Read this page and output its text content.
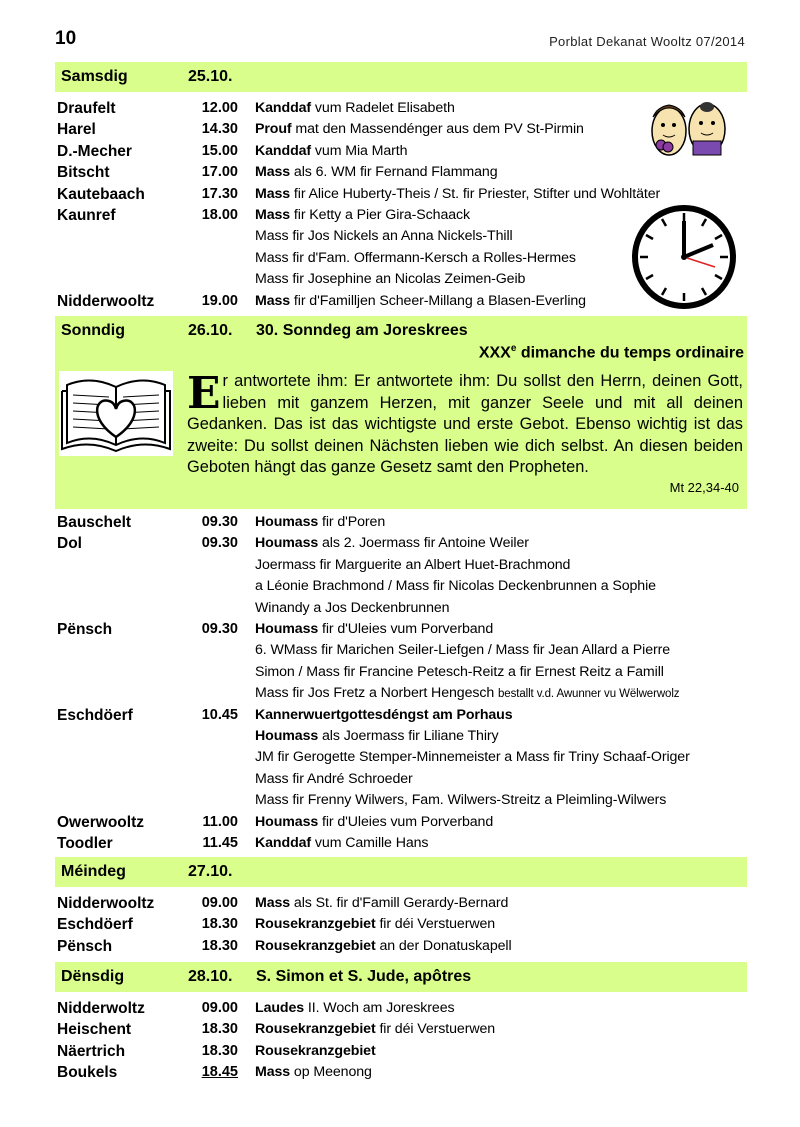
10	Porblat Dekanat Wooltz 07/2014
Samsdig	25.10.
Draufelt	12.00 Kanddaf vum Radelet Elisabeth
Harel	14.30 Prouf mat den Massendénger aus dem PV St-Pirmin
D.-Mecher	15.00 Kanddaf vum Mia Marth
Bitscht	17.00 Mass als 6. WM fir Fernand Flammang
Kautebaach	17.30 Mass fir Alice Huberty-Theis / St. fir Priester, Stifter und Wohltäter
Kaunref	18.00 Mass fir Ketty a Pier Gira-Schaack
Mass fir Jos Nickels an Anna Nickels-Thill
Mass fir d'Fam. Offermann-Kersch a Rolles-Hermes
Mass fir Josephine an Nicolas Zeimen-Geib
Nidderwooltz	19.00 Mass fir d'Familljen Scheer-Millang a Blasen-Everling
Sonndig	26.10. 30. Sonndeg am Joreskrees
XXXe dimanche du temps ordinaire
E r antwortete ihm: Er antwortete ihm: Du sollst den Herrn, deinen Gott, lieben mit ganzem Herzen, mit ganzer Seele und mit all deinen Gedanken. Das ist das wichtigste und erste Gebot. Ebenso wichtig ist das zweite: Du sollst deinen Nächsten lieben wie dich selbst. An diesen beiden Geboten hängt das ganze Gesetz samt den Propheten.
Mt 22,34-40
Bauschelt	09.30 Houmass fir d'Poren
Dol	09.30 Houmass als 2. Joermass fir Antoine Weiler
Joermass fir Marguerite an Albert Huet-Brachmond
a Léonie Brachmond / Mass fir Nicolas Deckenbrunnen a Sophie
Winandy a Jos Deckenbrunnen
Pënsch	09.30 Houmass fir d'Uleies vum Porverband
6. WMass fir Marichen Seiler-Liefgen / Mass fir Jean Allard a Pierre
Simon / Mass fir Francine Petesch-Reitz a fir Ernest Reitz a Famill
Mass fir Jos Fretz a Norbert Hengesch bestallt v.d. Awunner vu Wëlwerwolz
Eschdöerf	10.45 Kannerwuertgottesdéngst am Porhaus
Houmass als Joermass fir Liliane Thiry
JM fir Gerogette Stemper-Minnemeister a Mass fir Triny Schaaf-Origer
Mass fir André Schroeder
Mass fir Frenny Wilwers, Fam. Wilwers-Streitz a Pleimling-Wilwers
Owerwooltz	11.00 Houmass fir d'Uleies vum Porverband
Toodler	11.45 Kanddaf vum Camille Hans
Méindeg	27.10.
Nidderwooltz	09.00 Mass als St. fir d'Famill Gerardy-Bernard
Eschdöerf	18.30 Rousekranzgebiet fir déi Verstuerwen
Pënsch	18.30 Rousekranzgebiet an der Donatuskapell
Dënsdig	28.10. S. Simon et S. Jude, apôtres
Nidderwoltz	09.00 Laudes II. Woch am Joreskrees
Heischent	18.30 Rousekranzgebiet fir déi Verstuerwen
Näertrich	18.30 Rousekranzgebiet
Boukels	18.45 Mass op Meenong
